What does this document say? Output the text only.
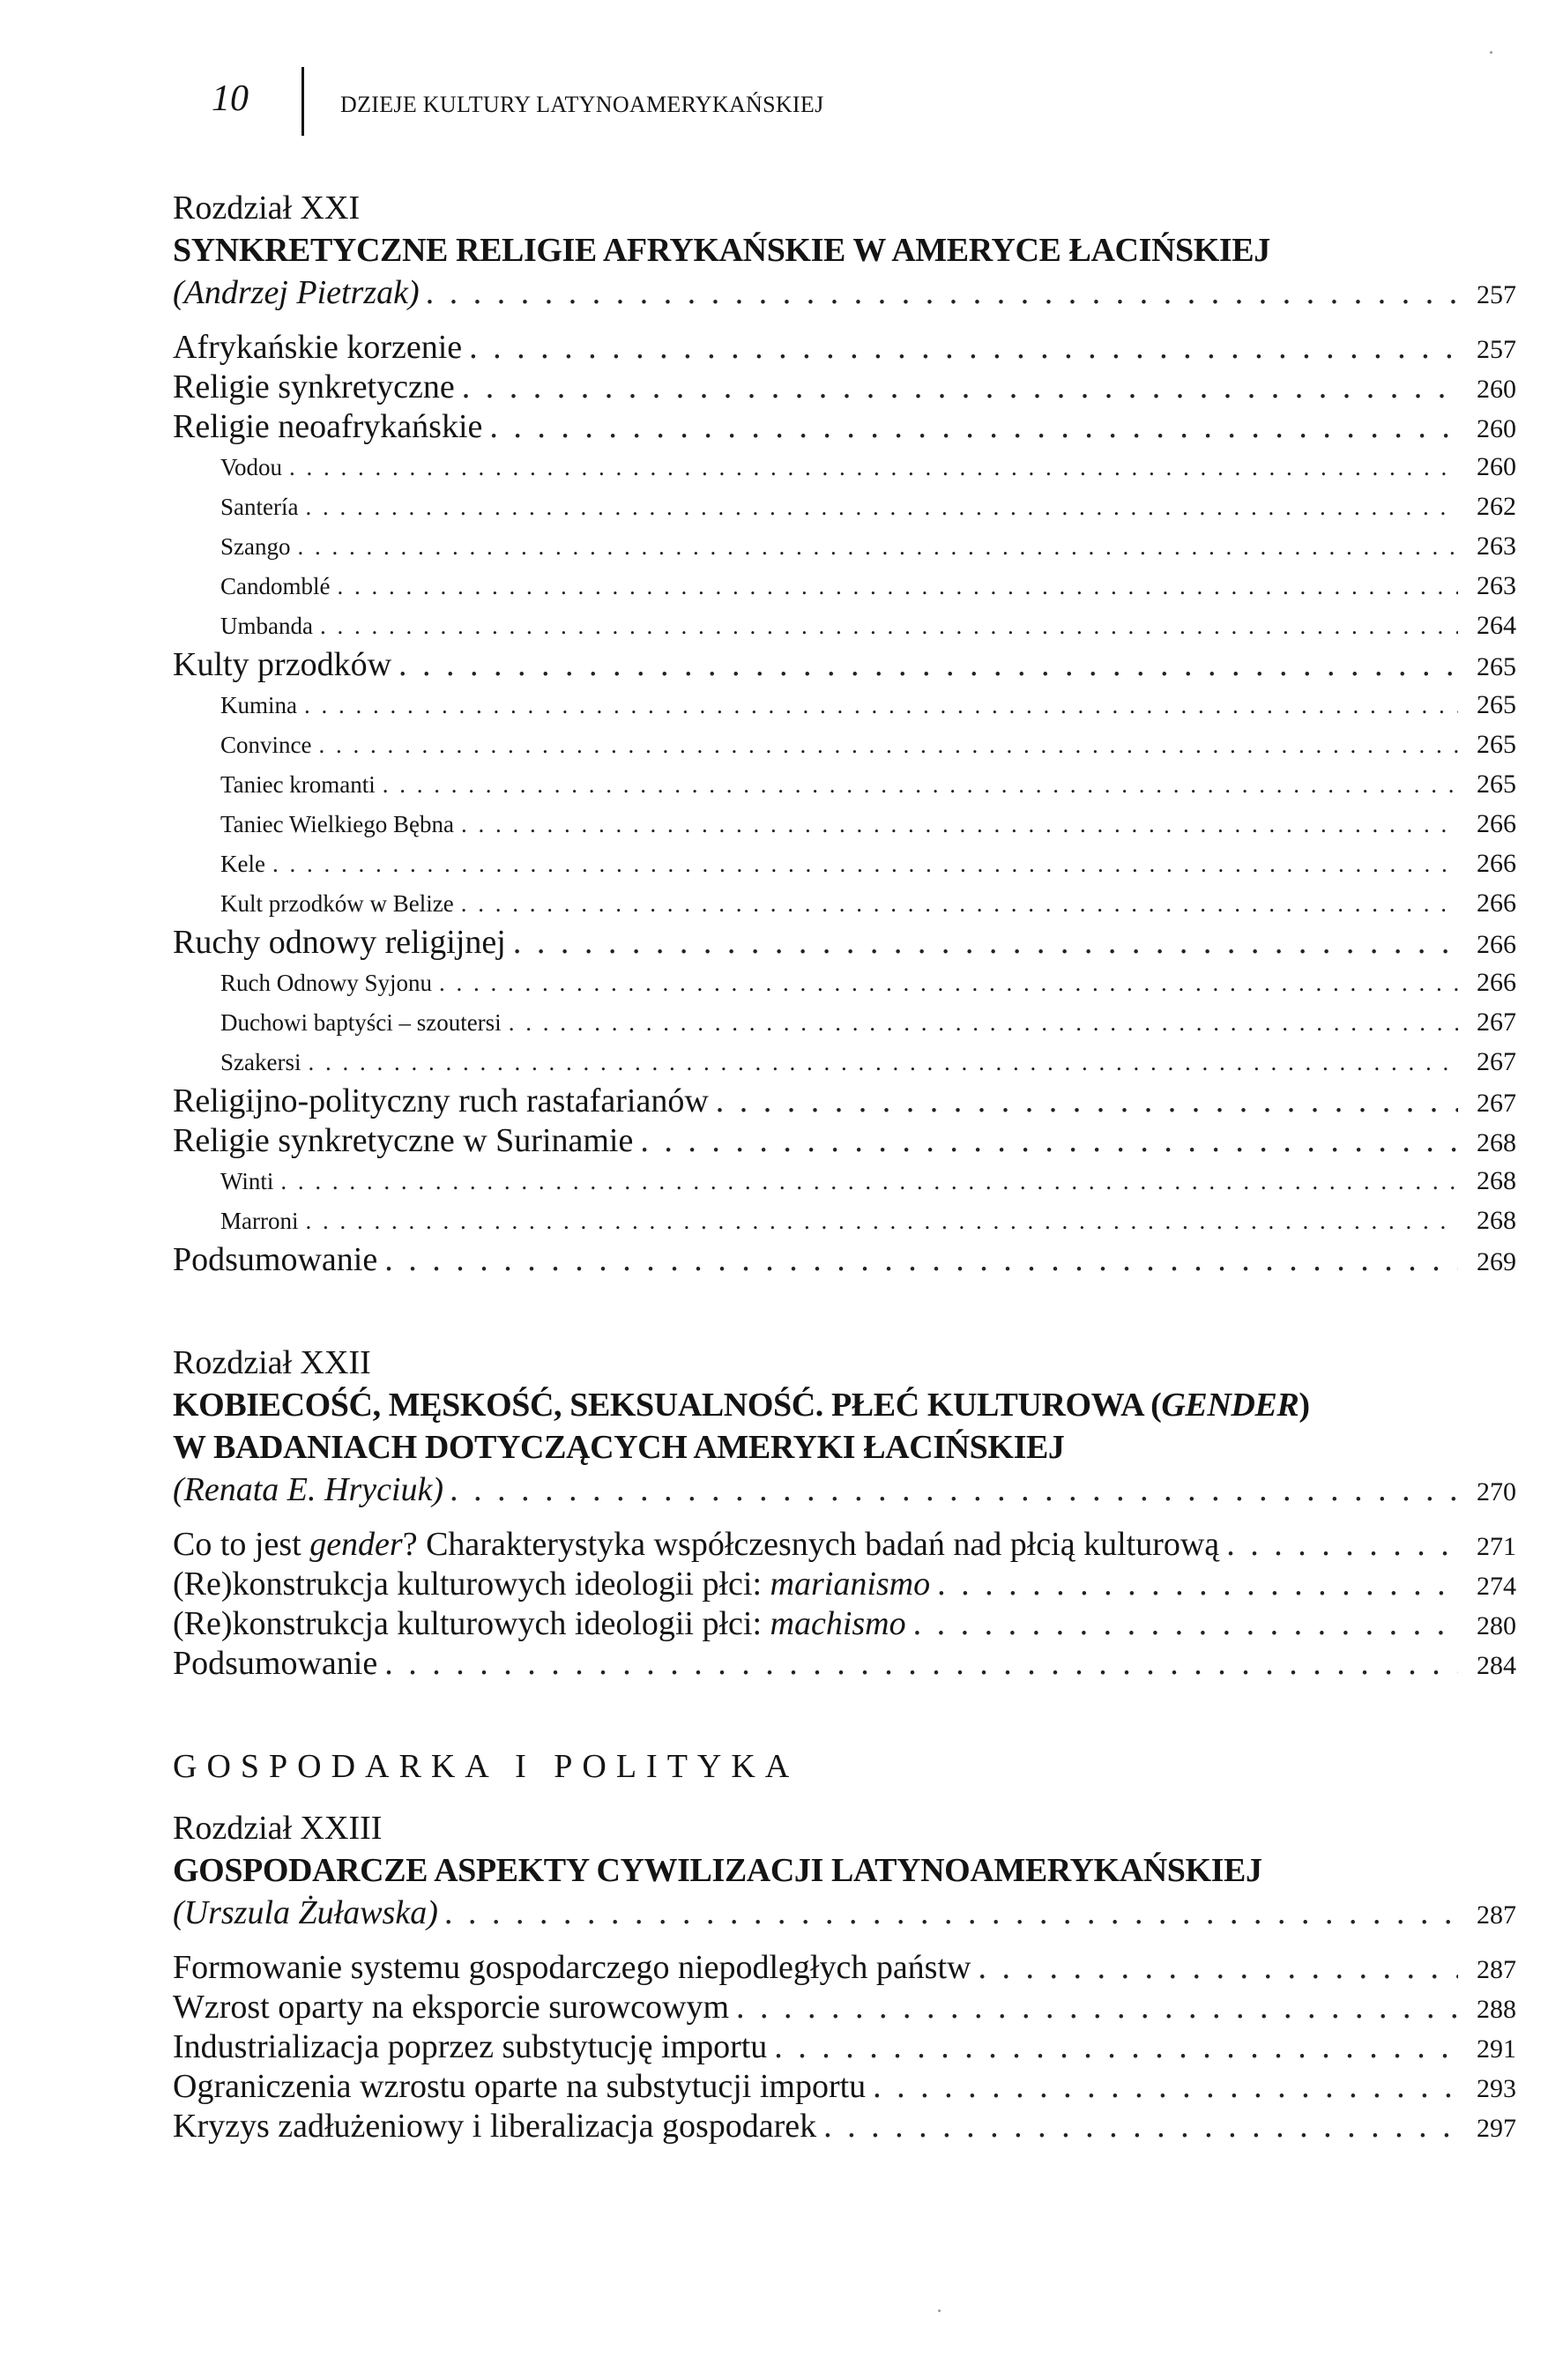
10	DZIEJE KULTURY LATYNOAMERYKAŃSKIEJ
Rozdział XXI
SYNKRETYCZNE RELIGIE AFRYKAŃSKIE W AMERYCE ŁACIŃSKIEJ
(Andrzej Pietrzak) . . .	257
Afrykańskie korzenie . . .	257
Religie synkretyczne . . .	260
Religie neoafrykańskie . . .	260
Vodou . . .	260
Santería . . .	262
Szango . . .	263
Candomblé . . .	263
Umbanda . . .	264
Kulty przodków . . .	265
Kumina . . .	265
Convince . . .	265
Taniec kromanti . . .	265
Taniec Wielkiego Bębna . . .	266
Kele . . .	266
Kult przodków w Belize . . .	266
Ruchy odnowy religijnej . . .	266
Ruch Odnowy Syjonu . . .	266
Duchowi baptyści – szoutersi . . .	267
Szakersi . . .	267
Religijno-polityczny ruch rastafarianów . . .	267
Religie synkretyczne w Surinamie . . .	268
Winti . . .	268
Marroni . . .	268
Podsumowanie . . .	269
Rozdział XXII
KOBIECOŚĆ, MĘSKOŚĆ, SEKSUALNOŚĆ. PŁEĆ KULTUROWA (GENDER)
W BADANIACH DOTYCZĄCYCH AMERYKI ŁACIŃSKIEJ
(Renata E. Hryciuk) . . .	270
Co to jest gender? Charakterystyka współczesnych badań nad płcią kulturową . . .	271
(Re)konstrukcja kulturowych ideologii płci: marianismo . . .	274
(Re)konstrukcja kulturowych ideologii płci: machismo . . .	280
Podsumowanie . . .	284
GOSPODARKA I POLITYKA
Rozdział XXIII
GOSPODARCZE ASPEKTY CYWILIZACJI LATYNOAMERYKAŃSKIEJ
(Urszula Żuławska) . . .	287
Formowanie systemu gospodarczego niepodległych państw . . .	287
Wzrost oparty na eksporcie surowcowym . . .	288
Industrializacja poprzez substytucję importu . . .	291
Ograniczenia wzrostu oparte na substytucji importu . . .	293
Kryzys zadłużeniowy i liberalizacja gospodarek . . .	297
